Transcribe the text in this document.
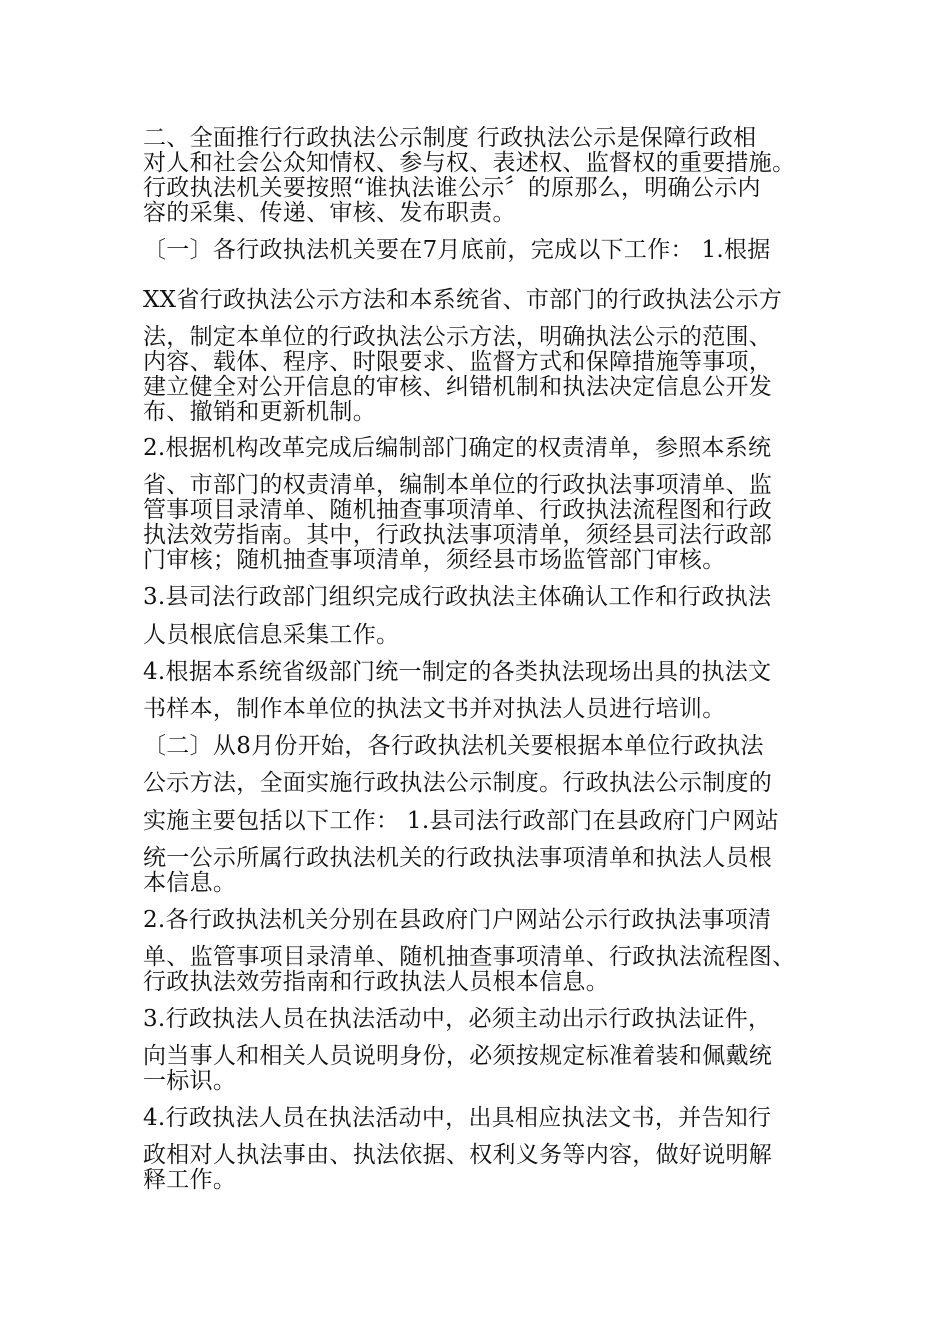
二、全面推行行政执法公示制度 行政执法公示是保障行政相
对人和社会公众知情权、参与权、表述权、监督权的重要措施。
行政执法机关要按照“谁执法谁公示〞的原那么，明确公示内
容的采集、传递、审核、发布职责。
〔一〕各行政执法机关要在7月底前，完成以下工作： 1.根据
XX省行政执法公示方法和本系统省、市部门的行政执法公示方
法，制定本单位的行政执法公示方法，明确执法公示的范围、
内容、载体、程序、时限要求、监督方式和保障措施等事项，
建立健全对公开信息的审核、纠错机制和执法决定信息公开发
布、撤销和更新机制。
2.根据机构改革完成后编制部门确定的权责清单，参照本系统
省、市部门的权责清单，编制本单位的行政执法事项清单、监
管事项目录清单、随机抽查事项清单、行政执法流程图和行政
执法效劳指南。其中，行政执法事项清单，须经县司法行政部
门审核；随机抽查事项清单，须经县市场监管部门审核。
3.县司法行政部门组织完成行政执法主体确认工作和行政执法
人员根底信息采集工作。
4.根据本系统省级部门统一制定的各类执法现场出具的执法文
书样本，制作本单位的执法文书并对执法人员进行培训。
〔二〕从8月份开始，各行政执法机关要根据本单位行政执法
公示方法，全面实施行政执法公示制度。行政执法公示制度的
实施主要包括以下工作： 1.县司法行政部门在县政府门户网站
统一公示所属行政执法机关的行政执法事项清单和执法人员根
本信息。
2.各行政执法机关分别在县政府门户网站公示行政执法事项清
单、监管事项目录清单、随机抽查事项清单、行政执法流程图、
行政执法效劳指南和行政执法人员根本信息。
3.行政执法人员在执法活动中，必须主动出示行政执法证件，
向当事人和相关人员说明身份，必须按规定标准着装和佩戴统
一标识。
4.行政执法人员在执法活动中，出具相应执法文书，并告知行
政相对人执法事由、执法依据、权利义务等内容，做好说明解
释工作。
